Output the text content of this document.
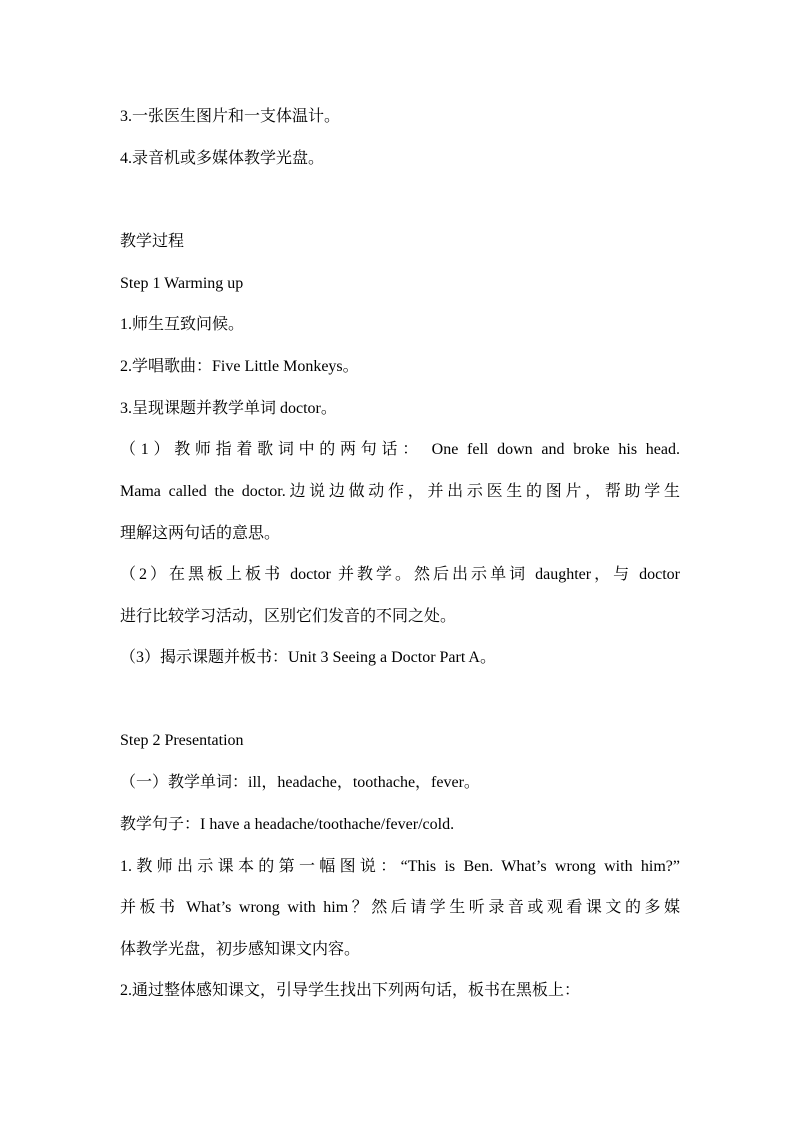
3.一张医生图片和一支体温计。
4.录音机或多媒体教学光盘。
教学过程
Step 1 Warming up
1.师生互致问候。
2.学唱歌曲：Five Little Monkeys。
3.呈现课题并教学单词 doctor。
（1）教师指着歌词中的两句话： One fell down and broke his head.
Mama called the doctor.边说边做动作，并出示医生的图片，帮助学生
理解这两句话的意思。
（2）在黑板上板书 doctor 并教学。然后出示单词 daughter，与 doctor
进行比较学习活动，区别它们发音的不同之处。
（3）揭示课题并板书：Unit 3 Seeing a Doctor Part A。
Step 2 Presentation
（一）教学单词：ill，headache，toothache，fever。
教学句子：I have a headache/toothache/fever/cold.
1.教师出示课本的第一幅图说：“This is Ben. What’s wrong with him?”
并板书 What’s wrong with him？然后请学生听录音或观看课文的多媒
体教学光盘，初步感知课文内容。
2.通过整体感知课文，引导学生找出下列两句话，板书在黑板上：
